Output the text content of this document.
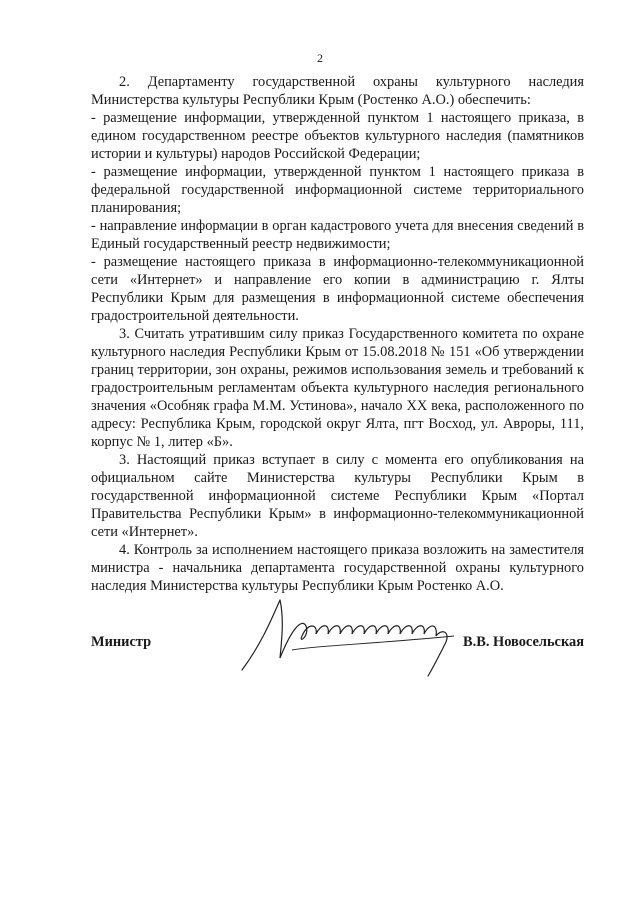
2

2. Департаменту государственной охраны культурного наследия Министерства культуры Республики Крым (Ростенко А.О.) обеспечить:

- размещение информации, утвержденной пунктом 1 настоящего приказа, в едином государственном реестре объектов культурного наследия (памятников истории и культуры) народов Российской Федерации;

- размещение информации, утвержденной пунктом 1 настоящего приказа в федеральной государственной информационной системе территориального планирования;

- направление информации в орган кадастрового учета для внесения сведений в Единый государственный реестр недвижимости;

- размещение настоящего приказа в информационно-телекоммуникационной сети «Интернет» и направление его копии в администрацию г. Ялты Республики Крым для размещения в информационной системе обеспечения градостроительной деятельности.

3. Считать утратившим силу приказ Государственного комитета по охране культурного наследия Республики Крым от 15.08.2018 № 151 «Об утверждении границ территории, зон охраны, режимов использования земель и требований к градостроительным регламентам объекта культурного наследия регионального значения «Особняк графа М.М. Устинова», начало XX века, расположенного по адресу: Республика Крым, городской округ Ялта, пгт Восход, ул. Авроры, 111, корпус № 1, литер «Б».

3. Настоящий приказ вступает в силу с момента его опубликования на официальном сайте Министерства культуры Республики Крым в государственной информационной системе Республики Крым «Портал Правительства Республики Крым» в информационно-телекоммуникационной сети «Интернет».

4. Контроль за исполнением настоящего приказа возложить на заместителя министра - начальника департамента государственной охраны культурного наследия Министерства культуры Республики Крым Ростенко А.О.

Министр	В.В. Новосельская
